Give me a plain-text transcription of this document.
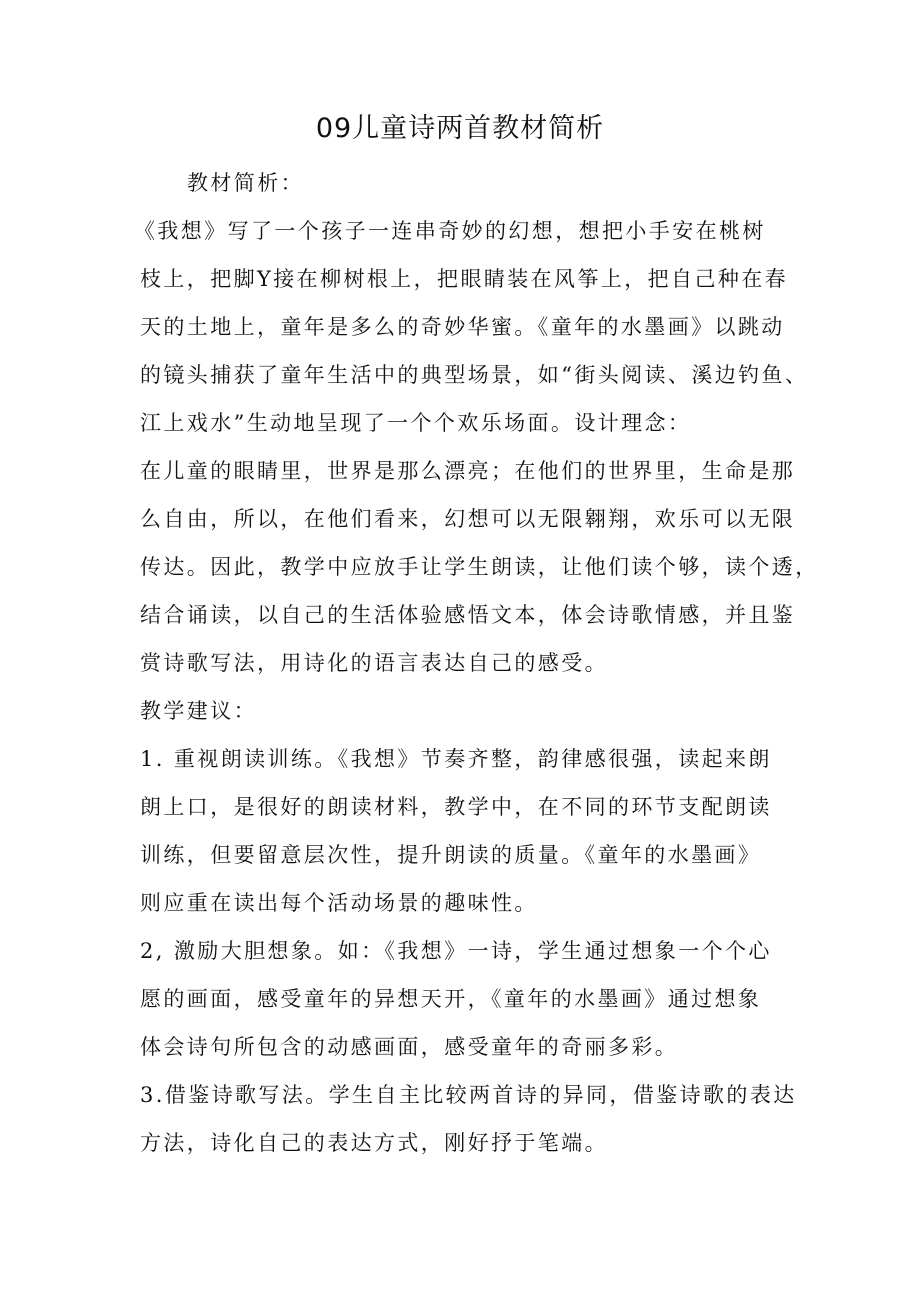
09儿童诗两首教材简析

教材简析：

《我想》写了一个孩子一连串奇妙的幻想，想把小手安在桃树

枝上，把脚Y接在柳树根上，把眼睛装在风筝上，把自己种在春

天的土地上，童年是多么的奇妙华蜜。《童年的水墨画》以跳动

的镜头捕获了童年生活中的典型场景，如“街头阅读、溪边钓鱼、

江上戏水”生动地呈现了一个个欢乐场面。设计理念：

在儿童的眼睛里，世界是那么漂亮；在他们的世界里，生命是那

么自由，所以，在他们看来，幻想可以无限翱翔，欢乐可以无限

传达。因此，教学中应放手让学生朗读，让他们读个够，读个透，

结合诵读，以自己的生活体验感悟文本，体会诗歌情感，并且鉴

赏诗歌写法，用诗化的语言表达自己的感受。

教学建议：

1. 重视朗读训练。《我想》节奏齐整，韵律感很强，读起来朗

朗上口，是很好的朗读材料，教学中，在不同的环节支配朗读

训练，但要留意层次性，提升朗读的质量。《童年的水墨画》

则应重在读出每个活动场景的趣味性。

2, 激励大胆想象。如：《我想》一诗，学生通过想象一个个心

愿的画面，感受童年的异想天开，《童年的水墨画》通过想象

体会诗句所包含的动感画面，感受童年的奇丽多彩。

3.借鉴诗歌写法。学生自主比较两首诗的异同，借鉴诗歌的表达

方法，诗化自己的表达方式，刚好抒于笔端。
